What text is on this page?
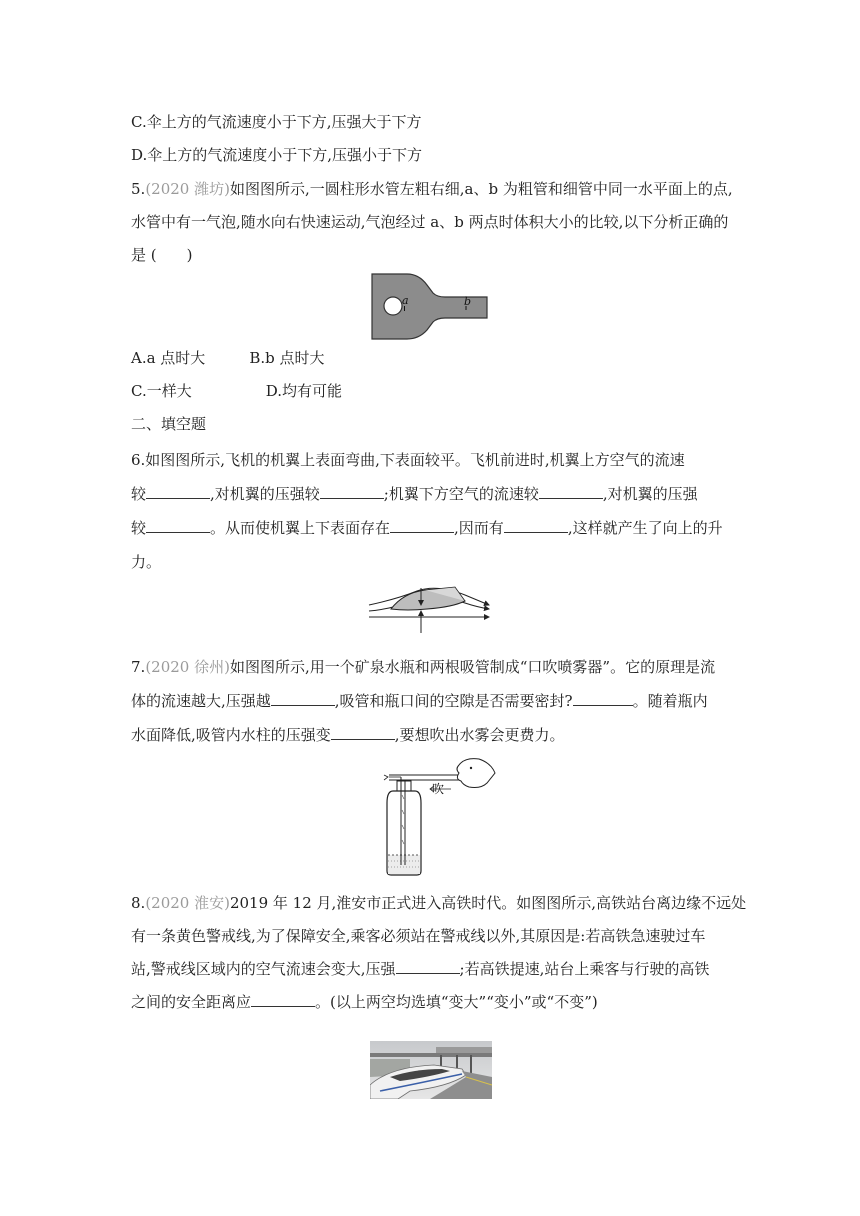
C.伞上方的气流速度小于下方,压强大于下方
D.伞上方的气流速度小于下方,压强小于下方
5.(2020 潍坊)如图图所示,一圆柱形水管左粗右细,a、b 为粗管和细管中同一水平面上的点,
水管中有一气泡,随水向右快速运动,气泡经过 a、b 两点时体积大小的比较,以下分析正确的
是 (　　)
a	b
A.a 点时大	B.b 点时大
C.一样大	D.均有可能
二、填空题
6.如图图所示,飞机的机翼上表面弯曲,下表面较平。飞机前进时,机翼上方空气的流速
较	,对机翼的压强较	;机翼下方空气的流速较	,对机翼的压强
较	。从而使机翼上下表面存在	,因而有	,这样就产生了向上的升
力。
7.(2020 徐州)如图图所示,用一个矿泉水瓶和两根吸管制成“口吹喷雾器”。它的原理是流
体的流速越大,压强越	,吸管和瓶口间的空隙是否需要密封?	。随着瓶内
水面降低,吸管内水柱的压强变	,要想吹出水雾会更费力。
吹
8.(2020 淮安)2019 年 12 月,淮安市正式进入高铁时代。如图图所示,高铁站台离边缘不远处
有一条黄色警戒线,为了保障安全,乘客必须站在警戒线以外,其原因是:若高铁急速驶过车
站,警戒线区域内的空气流速会变大,压强	;若高铁提速,站台上乘客与行驶的高铁
之间的安全距离应	。(以上两空均选填“变大”“变小”或“不变”)
